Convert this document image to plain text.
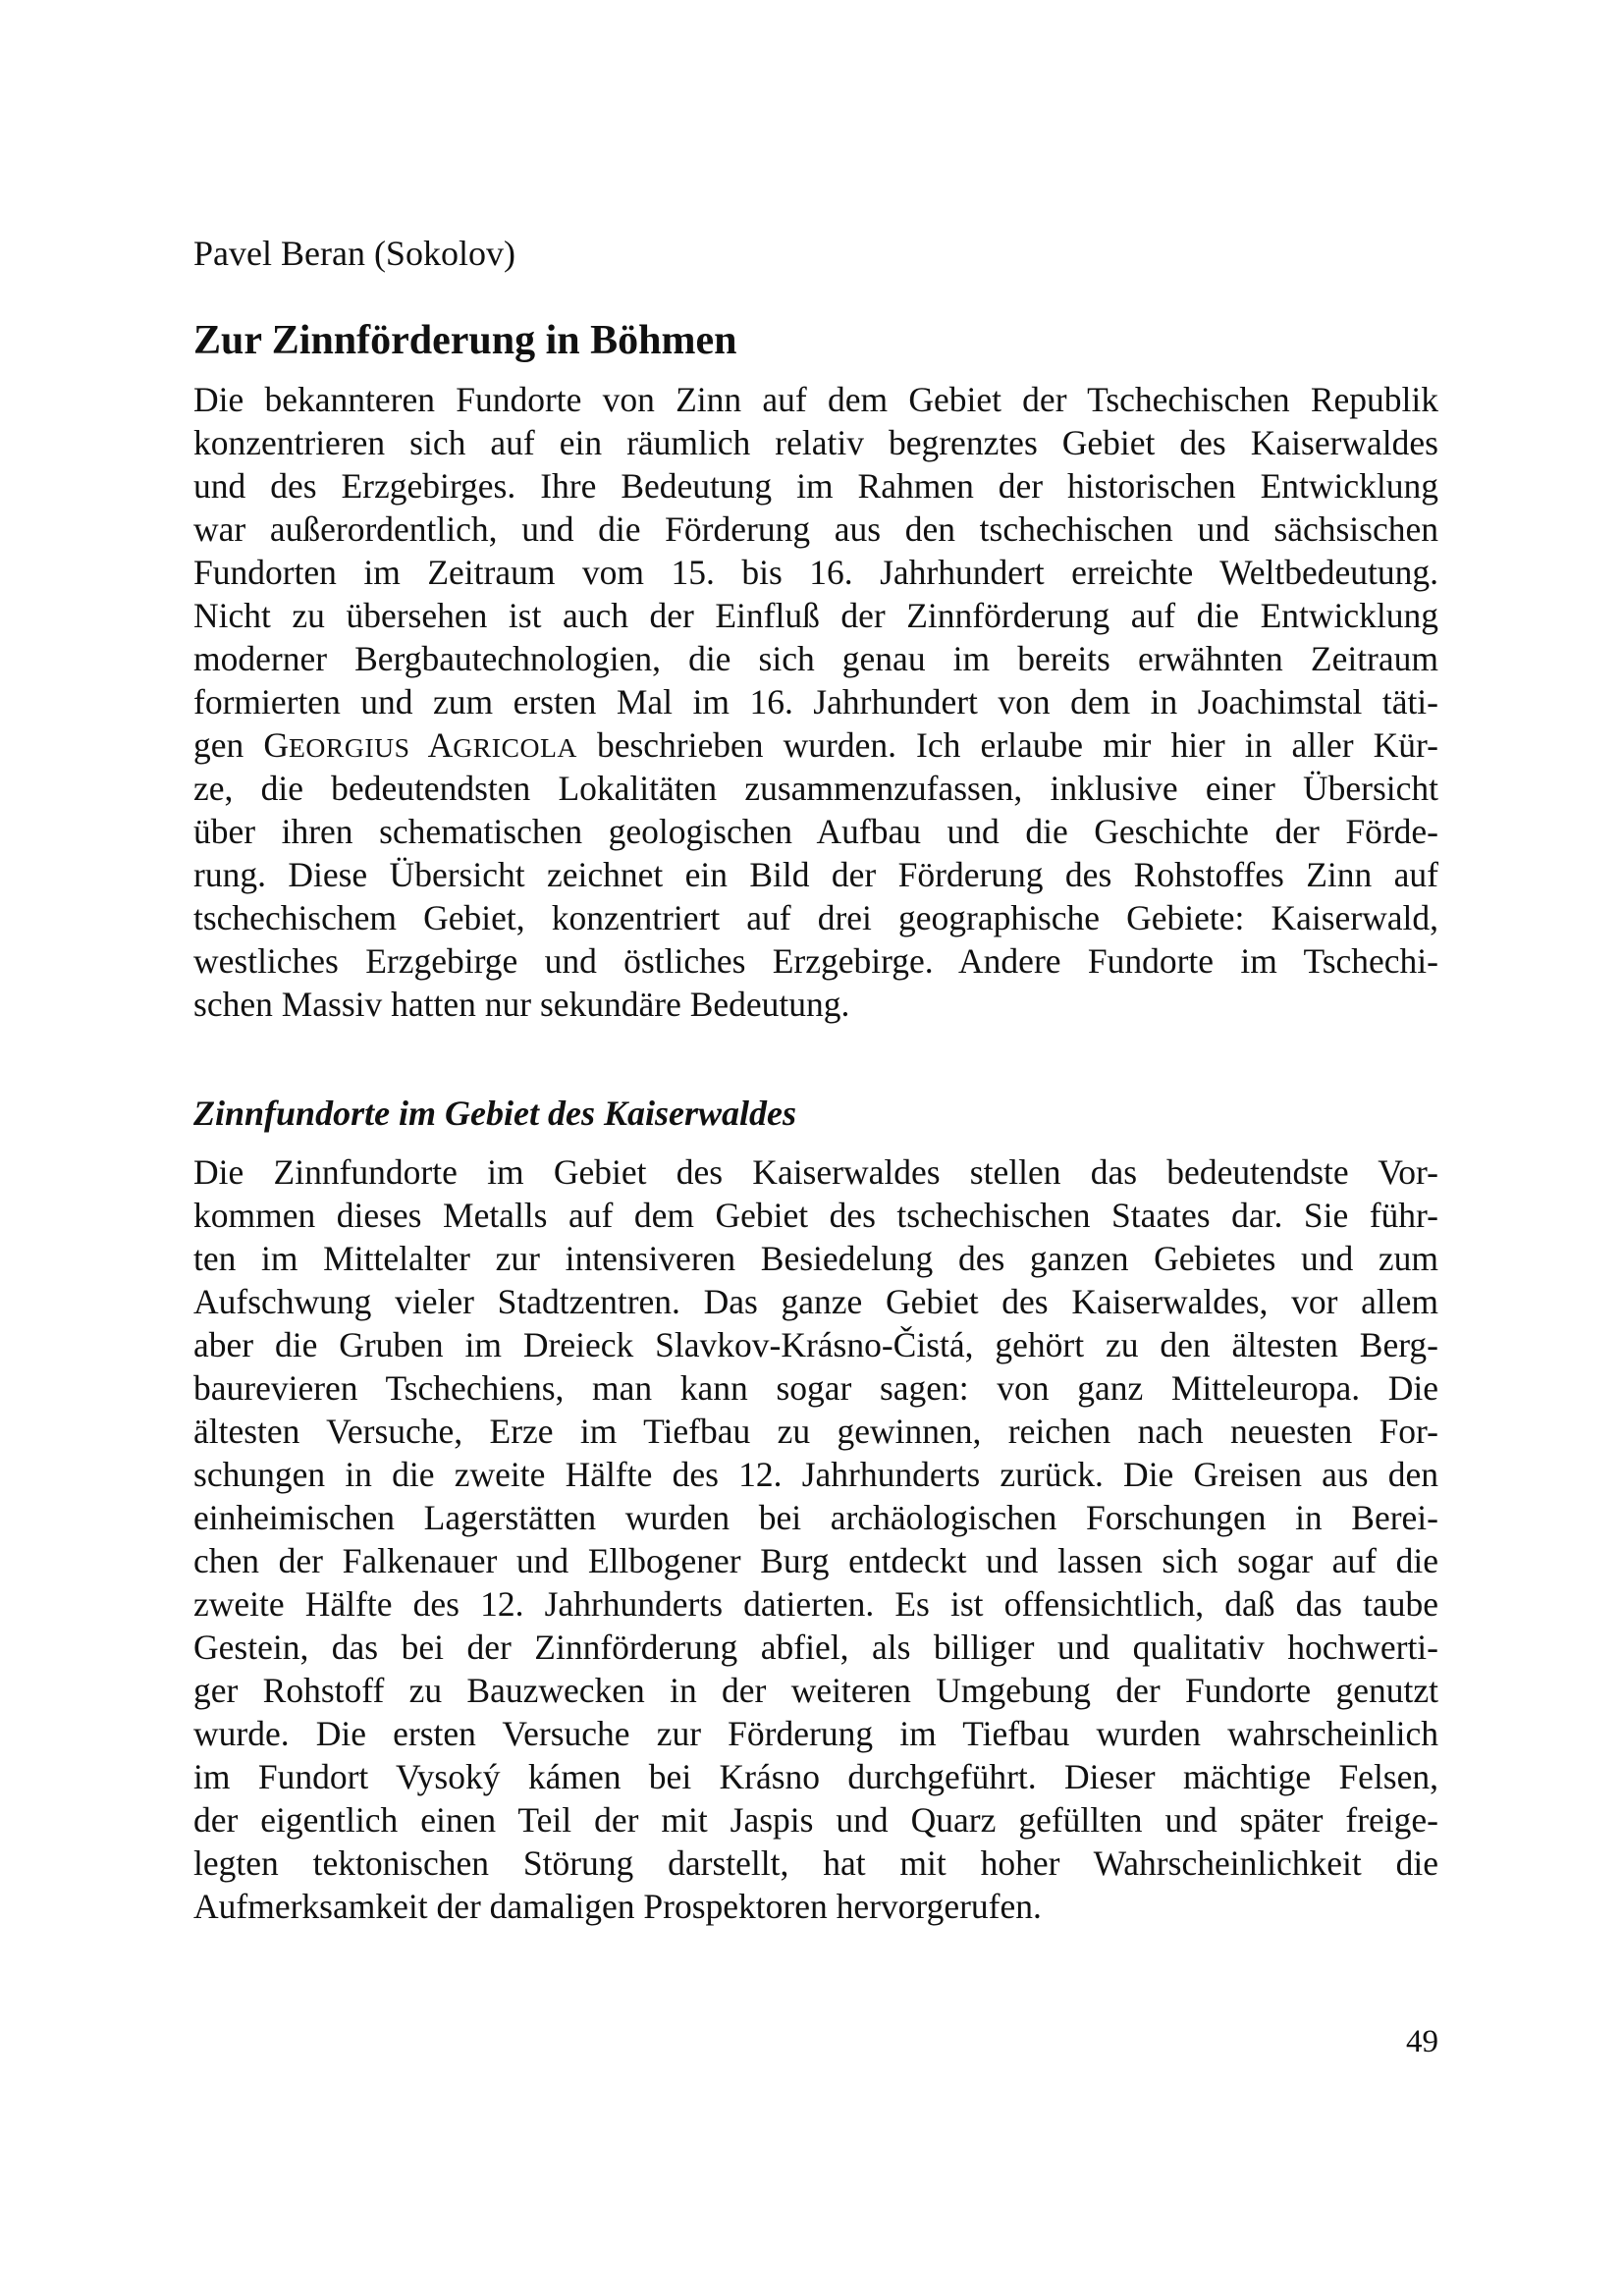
Pavel Beran (Sokolov)
Zur Zinnförderung in Böhmen
Die bekannteren Fundorte von Zinn auf dem Gebiet der Tschechischen Republik
konzentrieren sich auf ein räumlich relativ begrenztes Gebiet des Kaiserwaldes
und des Erzgebirges. Ihre Bedeutung im Rahmen der historischen Entwicklung
war außerordentlich, und die Förderung aus den tschechischen und sächsischen
Fundorten im Zeitraum vom 15. bis 16. Jahrhundert erreichte Weltbedeutung.
Nicht zu übersehen ist auch der Einfluß der Zinnförderung auf die Entwicklung
moderner Bergbautechnologien, die sich genau im bereits erwähnten Zeitraum
formierten und zum ersten Mal im 16. Jahrhundert von dem in Joachimstal täti-
gen GEORGIUS AGRICOLA beschrieben wurden. Ich erlaube mir hier in aller Kür-
ze, die bedeutendsten Lokalitäten zusammenzufassen, inklusive einer Übersicht
über ihren schematischen geologischen Aufbau und die Geschichte der Förde-
rung. Diese Übersicht zeichnet ein Bild der Förderung des Rohstoffes Zinn auf
tschechischem Gebiet, konzentriert auf drei geographische Gebiete: Kaiserwald,
westliches Erzgebirge und östliches Erzgebirge. Andere Fundorte im Tschechi-
schen Massiv hatten nur sekundäre Bedeutung.
Zinnfundorte im Gebiet des Kaiserwaldes
Die Zinnfundorte im Gebiet des Kaiserwaldes stellen das bedeutendste Vor-
kommen dieses Metalls auf dem Gebiet des tschechischen Staates dar. Sie führ-
ten im Mittelalter zur intensiveren Besiedelung des ganzen Gebietes und zum
Aufschwung vieler Stadtzentren. Das ganze Gebiet des Kaiserwaldes, vor allem
aber die Gruben im Dreieck Slavkov-Krásno-Čistá, gehört zu den ältesten Berg-
baurevieren Tschechiens, man kann sogar sagen: von ganz Mitteleuropa. Die
ältesten Versuche, Erze im Tiefbau zu gewinnen, reichen nach neuesten For-
schungen in die zweite Hälfte des 12. Jahrhunderts zurück. Die Greisen aus den
einheimischen Lagerstätten wurden bei archäologischen Forschungen in Berei-
chen der Falkenauer und Ellbogener Burg entdeckt und lassen sich sogar auf die
zweite Hälfte des 12. Jahrhunderts datierten. Es ist offensichtlich, daß das taube
Gestein, das bei der Zinnförderung abfiel, als billiger und qualitativ hochwerti-
ger Rohstoff zu Bauzwecken in der weiteren Umgebung der Fundorte genutzt
wurde. Die ersten Versuche zur Förderung im Tiefbau wurden wahrscheinlich
im Fundort Vysoký kámen bei Krásno durchgeführt. Dieser mächtige Felsen,
der eigentlich einen Teil der mit Jaspis und Quarz gefüllten und später freige-
legten tektonischen Störung darstellt, hat mit hoher Wahrscheinlichkeit die
Aufmerksamkeit der damaligen Prospektoren hervorgerufen.
49
